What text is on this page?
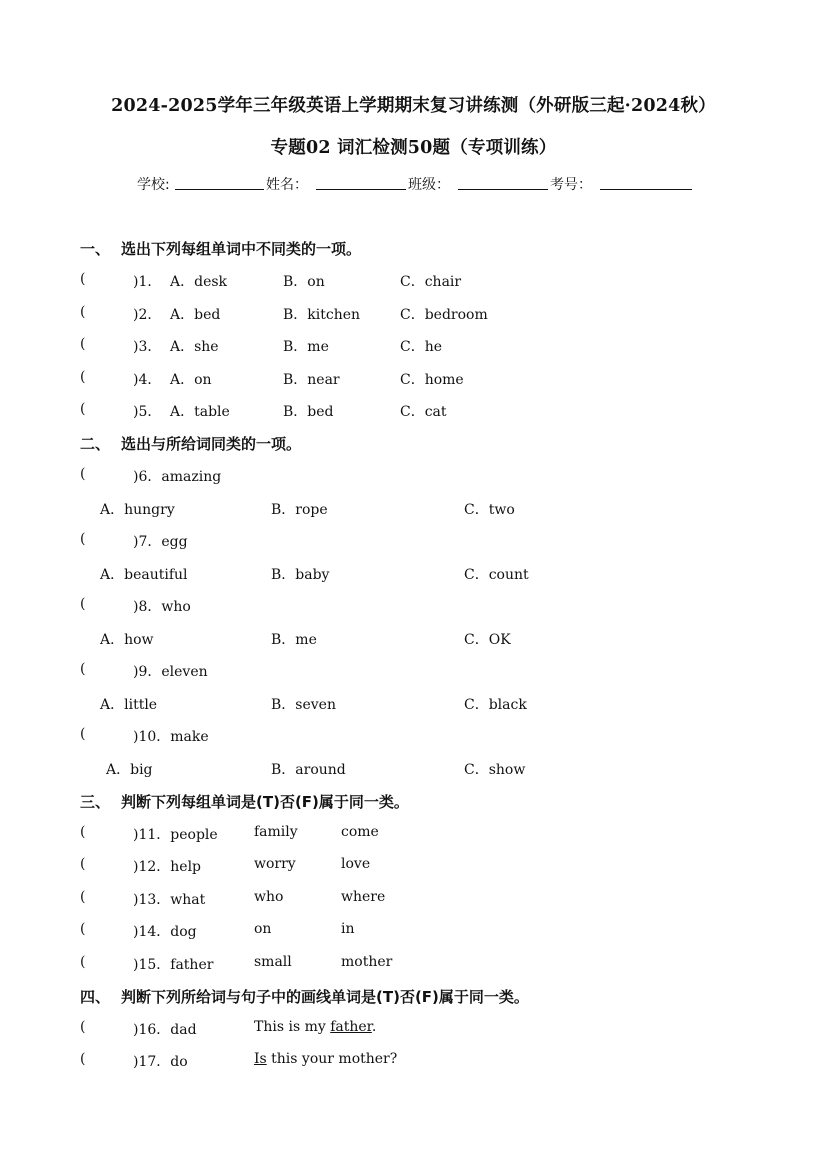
2024-2025学年三年级英语上学期期末复习讲练测（外研版三起·2024秋）
专题02 词汇检测50题（专项训练）
学校:	姓名：	班级：	考号：
一、 选出下列每组单词中不同类的一项。
(	)1． A．desk	B．on	C．chair
(	)2． A．bed	B．kitchen	C．bedroom
(	)3． A．she	B．me	C．he
(	)4． A．on	B．near	C．home
(	)5． A．table	B．bed	C．cat
二、 选出与所给词同类的一项。
(	)6．amazing
A．hungry	B．rope	C．two
(	)7．egg
A．beautiful	B．baby	C．count
(	)8．who
A．how	B．me	C．OK
(	)9．eleven
A．little	B．seven	C．black
(	)10．make
A．big	B．around	C．show
三、 判断下列每组单词是(T)否(F)属于同一类。
(	)11．people	family	come
(	)12．help	worry	love
(	)13．what	who	where
(	)14．dog	on	in
(	)15．father	small	mother
四、 判断下列所给词与句子中的画线单词是(T)否(F)属于同一类。
(	)16．dad	This is my father.
(	)17．do	Is this your mother?
